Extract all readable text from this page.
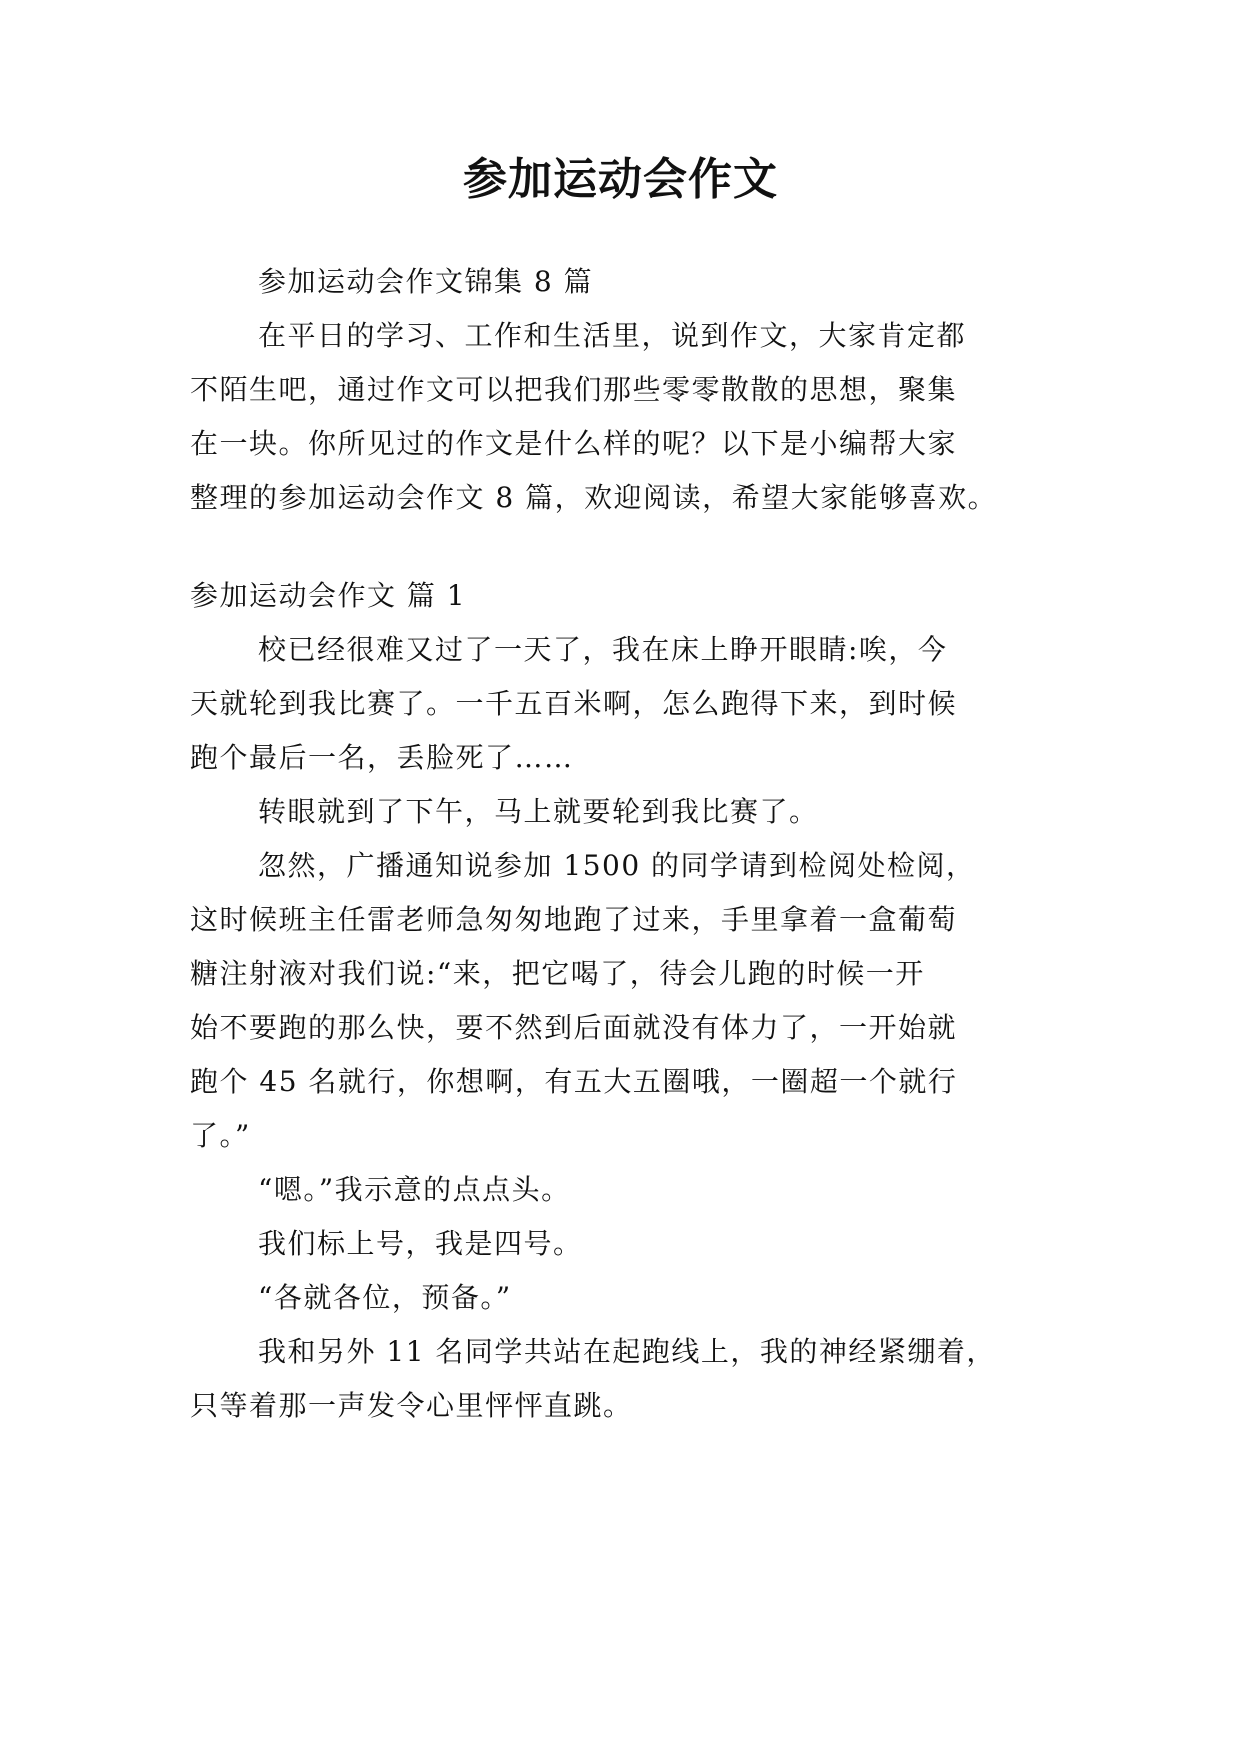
参加运动会作文
参加运动会作文锦集 8 篇
在平日的学习、工作和生活里，说到作文，大家肯定都
不陌生吧，通过作文可以把我们那些零零散散的思想，聚集
在一块。你所见过的作文是什么样的呢？以下是小编帮大家
整理的参加运动会作文 8 篇，欢迎阅读，希望大家能够喜欢。
参加运动会作文 篇 1
校已经很难又过了一天了，我在床上睁开眼睛:唉，今
天就轮到我比赛了。一千五百米啊，怎么跑得下来，到时候
跑个最后一名，丢脸死了……
转眼就到了下午，马上就要轮到我比赛了。
忽然，广播通知说参加 1500 的同学请到检阅处检阅，
这时候班主任雷老师急匆匆地跑了过来，手里拿着一盒葡萄
糖注射液对我们说:“来，把它喝了，待会儿跑的时候一开
始不要跑的那么快，要不然到后面就没有体力了，一开始就
跑个 45 名就行，你想啊，有五大五圈哦，一圈超一个就行
了。”
“嗯。”我示意的点点头。
我们标上号，我是四号。
“各就各位，预备。”
我和另外 11 名同学共站在起跑线上，我的神经紧绷着，
只等着那一声发令心里怦怦直跳。
